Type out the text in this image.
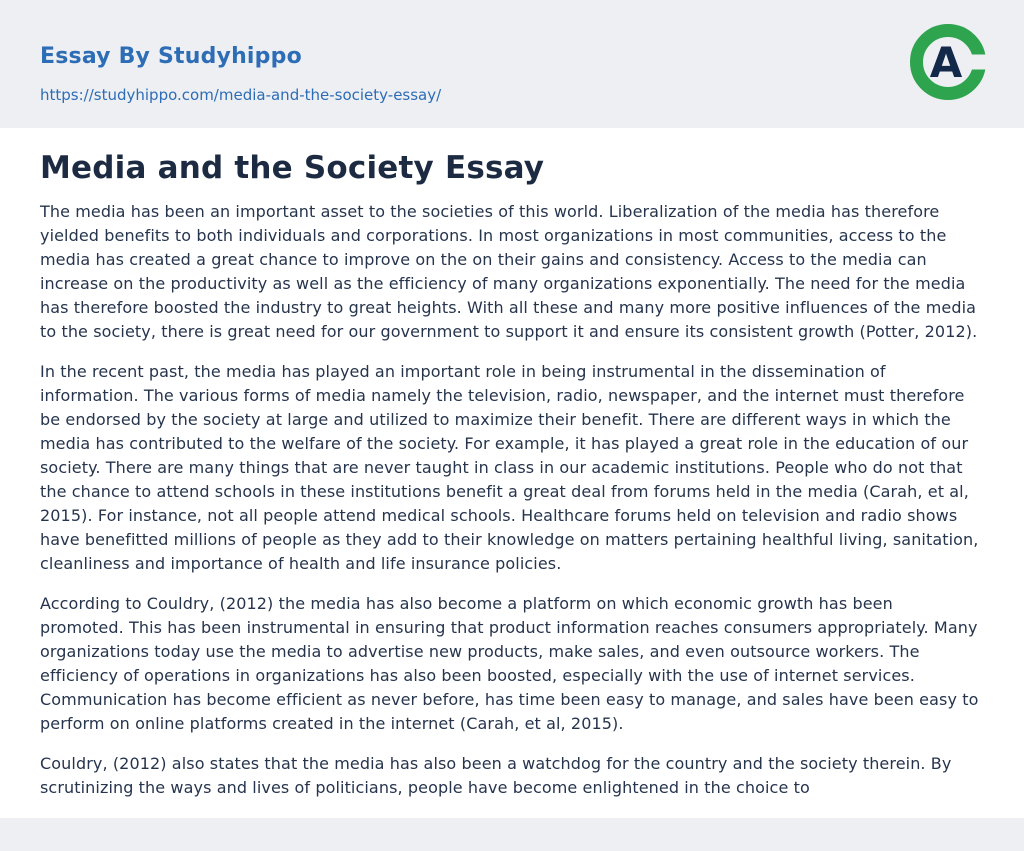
Essay By Studyhippo
https://studyhippo.com/media-and-the-society-essay/
A
Media and the Society Essay

The media has been an important asset to the societies of this world. Liberalization of the media has therefore yielded benefits to both individuals and corporations. In most organizations in most communities, access to the media has created a great chance to improve on the on their gains and consistency. Access to the media can increase on the productivity as well as the efficiency of many organizations exponentially. The need for the media has therefore boosted the industry to great heights. With all these and many more positive influences of the media to the society, there is great need for our government to support it and ensure its consistent growth (Potter, 2012).

In the recent past, the media has played an important role in being instrumental in the dissemination of information. The various forms of media namely the television, radio, newspaper, and the internet must therefore be endorsed by the society at large and utilized to maximize their benefit. There are different ways in which the media has contributed to the welfare of the society. For example, it has played a great role in the education of our society. There are many things that are never taught in class in our academic institutions. People who do not that the chance to attend schools in these institutions benefit a great deal from forums held in the media (Carah, et al, 2015). For instance, not all people attend medical schools. Healthcare forums held on television and radio shows have benefitted millions of people as they add to their knowledge on matters pertaining healthful living, sanitation, cleanliness and importance of health and life insurance policies.

According to Couldry, (2012) the media has also become a platform on which economic growth has been promoted. This has been instrumental in ensuring that product information reaches consumers appropriately. Many organizations today use the media to advertise new products, make sales, and even outsource workers. The efficiency of operations in organizations has also been boosted, especially with the use of internet services. Communication has become efficient as never before, has time been easy to manage, and sales have been easy to perform on online platforms created in the internet (Carah, et al, 2015).

Couldry, (2012) also states that the media has also been a watchdog for the country and the society therein. By scrutinizing the ways and lives of politicians, people have become enlightened in the choice to
